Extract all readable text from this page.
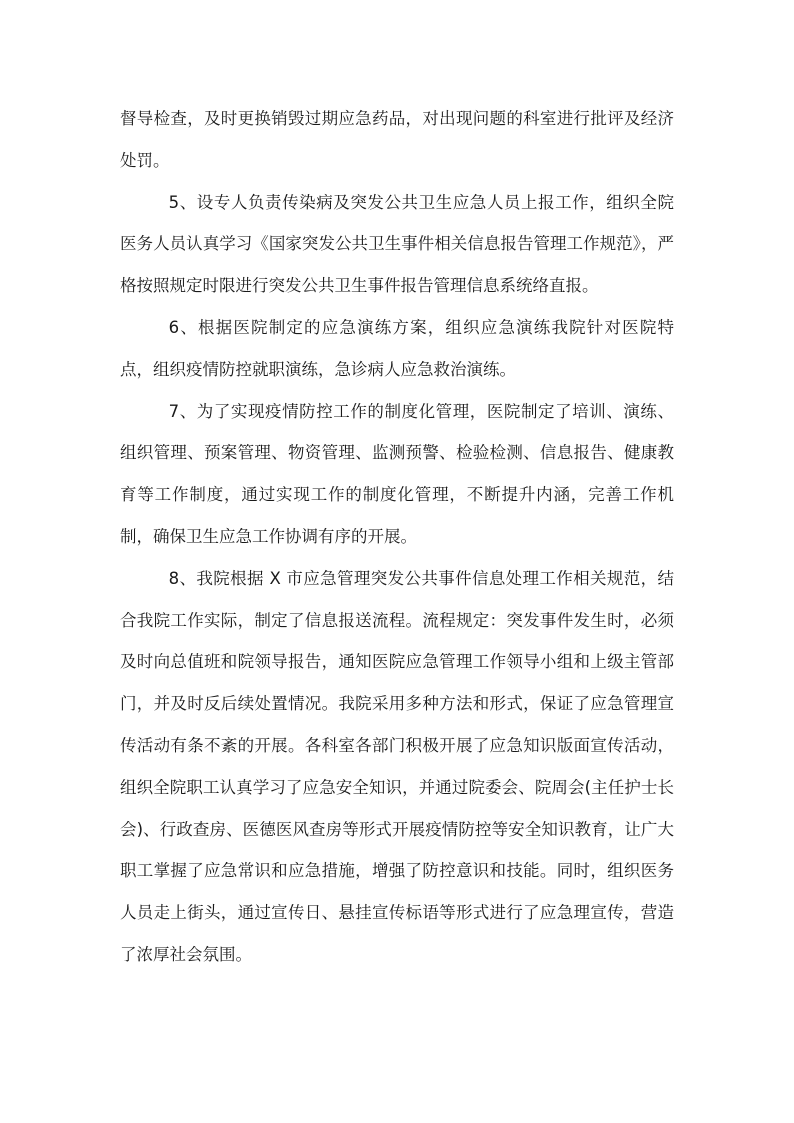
督导检查，及时更换销毁过期应急药品，对出现问题的科室进行批评及经济处罚。

5、设专人负责传染病及突发公共卫生应急人员上报工作，组织全院医务人员认真学习《国家突发公共卫生事件相关信息报告管理工作规范》，严格按照规定时限进行突发公共卫生事件报告管理信息系统络直报。

6、根据医院制定的应急演练方案，组织应急演练我院针对医院特点，组织疫情防控就职演练，急诊病人应急救治演练。

7、为了实现疫情防控工作的制度化管理，医院制定了培训、演练、组织管理、预案管理、物资管理、监测预警、检验检测、信息报告、健康教育等工作制度，通过实现工作的制度化管理，不断提升内涵，完善工作机制，确保卫生应急工作协调有序的开展。

8、我院根据 X 市应急管理突发公共事件信息处理工作相关规范，结合我院工作实际，制定了信息报送流程。流程规定：突发事件发生时，必须及时向总值班和院领导报告，通知医院应急管理工作领导小组和上级主管部门，并及时反后续处置情况。我院采用多种方法和形式，保证了应急管理宣传活动有条不紊的开展。各科室各部门积极开展了应急知识版面宣传活动，组织全院职工认真学习了应急安全知识，并通过院委会、院周会(主任护士长会)、行政查房、医德医风查房等形式开展疫情防控等安全知识教育，让广大职工掌握了应急常识和应急措施，增强了防控意识和技能。同时，组织医务人员走上街头，通过宣传日、悬挂宣传标语等形式进行了应急理宣传，营造了浓厚社会氛围。
